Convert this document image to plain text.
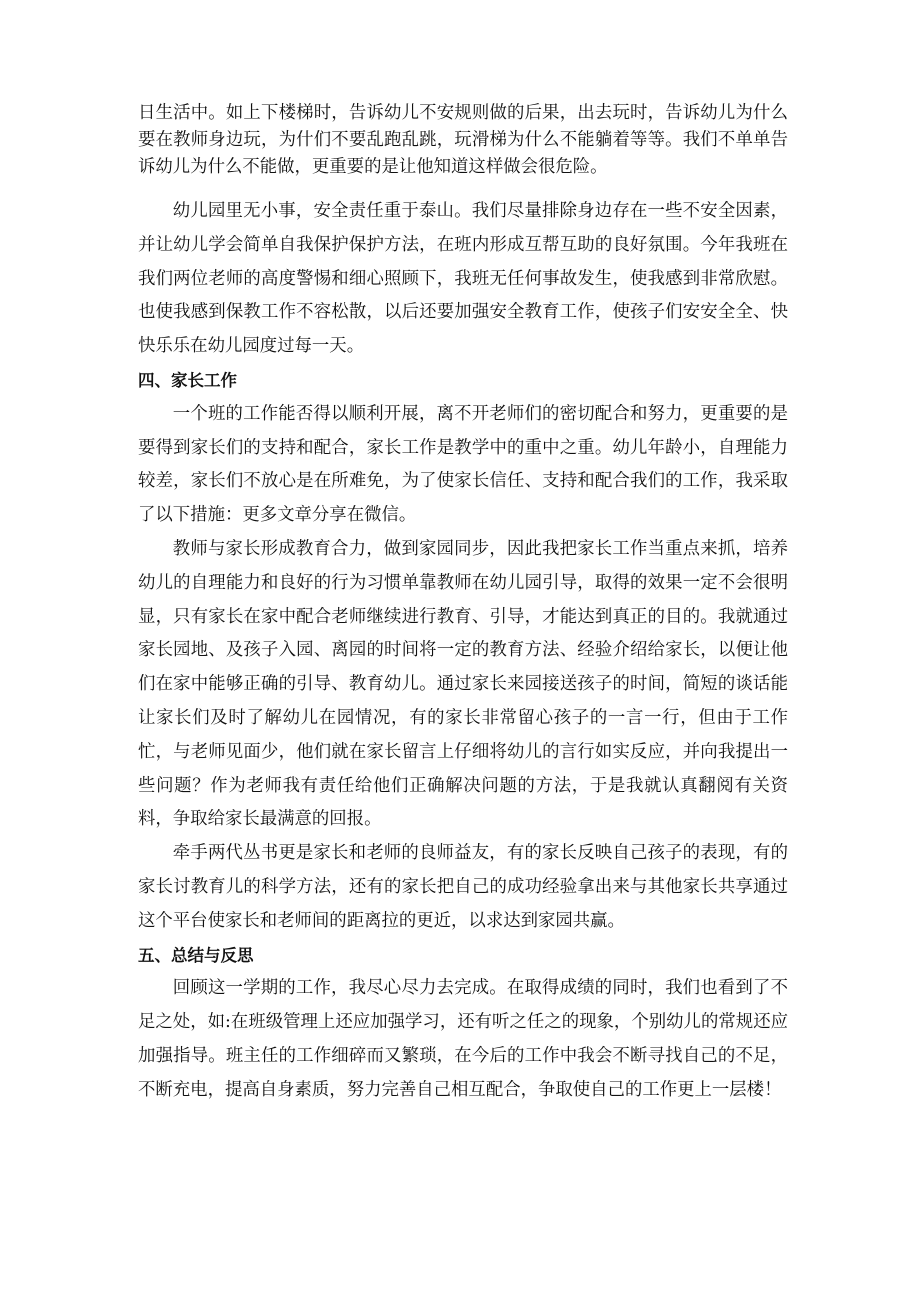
日生活中。如上下楼梯时，告诉幼儿不安规则做的后果，出去玩时，告诉幼儿为什么要在教师身边玩，为什们不要乱跑乱跳，玩滑梯为什么不能躺着等等。我们不单单告诉幼儿为什么不能做，更重要的是让他知道这样做会很危险。

幼儿园里无小事，安全责任重于泰山。我们尽量排除身边存在一些不安全因素，并让幼儿学会简单自我保护保护方法，在班内形成互帮互助的良好氛围。今年我班在我们两位老师的高度警惕和细心照顾下，我班无任何事故发生，使我感到非常欣慰。也使我感到保教工作不容松散，以后还要加强安全教育工作，使孩子们安安全全、快快乐乐在幼儿园度过每一天。

四、家长工作

一个班的工作能否得以顺利开展，离不开老师们的密切配合和努力，更重要的是要得到家长们的支持和配合，家长工作是教学中的重中之重。幼儿年龄小，自理能力较差，家长们不放心是在所难免，为了使家长信任、支持和配合我们的工作，我采取了以下措施：更多文章分享在微信。

教师与家长形成教育合力，做到家园同步，因此我把家长工作当重点来抓，培养幼儿的自理能力和良好的行为习惯单靠教师在幼儿园引导，取得的效果一定不会很明显，只有家长在家中配合老师继续进行教育、引导，才能达到真正的目的。我就通过家长园地、及孩子入园、离园的时间将一定的教育方法、经验介绍给家长，以便让他们在家中能够正确的引导、教育幼儿。通过家长来园接送孩子的时间，简短的谈话能让家长们及时了解幼儿在园情况，有的家长非常留心孩子的一言一行，但由于工作忙，与老师见面少，他们就在家长留言上仔细将幼儿的言行如实反应，并向我提出一些问题？作为老师我有责任给他们正确解决问题的方法，于是我就认真翻阅有关资料，争取给家长最满意的回报。

牵手两代丛书更是家长和老师的良师益友，有的家长反映自己孩子的表现，有的家长讨教育儿的科学方法，还有的家长把自己的成功经验拿出来与其他家长共享通过这个平台使家长和老师间的距离拉的更近，以求达到家园共赢。

五、总结与反思

回顾这一学期的工作，我尽心尽力去完成。在取得成绩的同时，我们也看到了不足之处，如:在班级管理上还应加强学习，还有听之任之的现象，个别幼儿的常规还应加强指导。班主任的工作细碎而又繁琐，在今后的工作中我会不断寻找自己的不足，不断充电，提高自身素质，努力完善自己相互配合，争取使自己的工作更上一层楼！
